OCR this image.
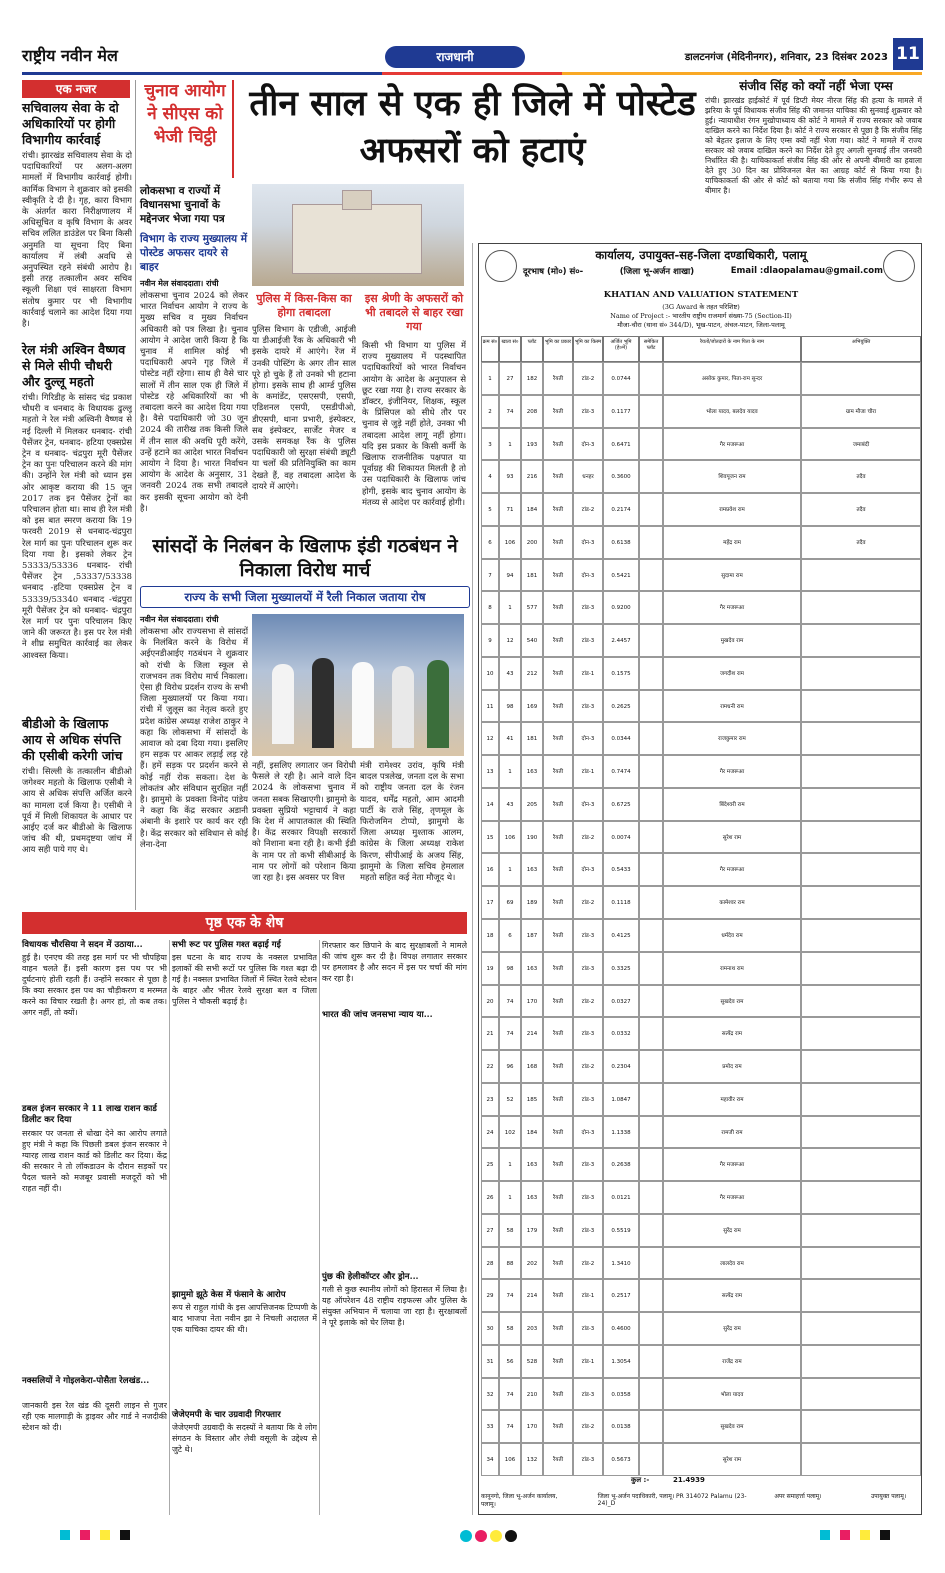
राष्ट्रीय नवीन मेल	राजधानी	डालटनगंज (मेदिनीनगर), शनिवार, 23 दिसंबर 2023 11
एक नजर
सचिवालय सेवा के दो अधिकारियों पर होगी विभागीय कार्रवाई
रांची। झारखंड सचिवालय सेवा के दो पदाधिकारियों पर अलग-अलग मामलों में विभागीय कार्रवाई होगी। कार्मिक विभाग ने शुक्रवार को इसकी स्वीकृति दे दी है। गृह, कारा विभाग के अंतर्गत कारा निरीक्षणालय में अधिसूचित व कृषि विभाग के अवर सचिव ललित डाउंडेल पर बिना किसी अनुमति या सूचना दिए बिना कार्यालय में लंबी अवधि से अनुपस्थित रहने संबंधी आरोप है। इसी तरह तत्कालीन अवर सचिव स्कूली शिक्षा एवं साक्षरता विभाग संतोष कुमार पर भी विभागीय कार्रवाई चलाने का आदेश दिया गया है।
रेल मंत्री अश्विन वैष्णव से मिले सीपी चौधरी और दुल्लू महतो
रांची। गिरिडीह के सांसद चंद्र प्रकाश चौधरी व धनबाद के विधायक ढुल्लू महतो ने रेल मंत्री अश्विनी वैष्णव से नई दिल्ली में मिलकर धनबाद- रांची पैसेंजर ट्रेन, धनबाद- हटिया एक्सप्रेस ट्रेन व धनबाद- चंद्रपुरा मूरी पैसेंजर ट्रेन का पुनः परिचालन करने की मांग की। उन्होंने रेल मंत्री को ध्यान इस ओर आकृष्ट कराया की 15 जून 2017 तक इन पैसेंजर ट्रेनों का परिचालन होता था। साथ ही रेल मंत्री को इस बात स्मरण कराया कि 19 फरवरी 2019 से धनबाद-चंद्रपुरा रेल मार्ग का पुनः परिचालन शुरू कर दिया गया है। इसको लेकर ट्रेन 53333/53336 धनबाद- रांची पैसेंजर ट्रेन ,53337/53338 धनबाद -हटिया एक्सप्रेस ट्रेन व 53339/53340 धनबाद -चंद्रपुरा मूरी पैसेंजर ट्रेन को धनबाद- चंद्रपुरा रेल मार्ग पर पुनः परिचालन किए जाने की जरूरत है। इस पर रेल मंत्री ने शीघ्र समुचित कार्रवाई का लेकर आश्वस्त किया।
बीडीओ के खिलाफ आय से अधिक संपत्ति की एसीबी करेगी जांच
रांची। सिल्ली के तत्कालीन बीडीओ जगेश्वर महतो के खिलाफ एसीबी ने आय से अधिक संपत्ति अर्जित करने का मामला दर्ज किया है। एसीबी ने पूर्व में मिली शिकायत के आधार पर आईए दर्ज कर बीडीओ के खिलाफ जांच की थी, प्रथमदृष्टया जांच में आय सही पाये गए थे।
चुनाव आयोग ने सीएस को भेजी चिट्ठी
तीन साल से एक ही जिले में पोस्टेड अफसरों को हटाएं
लोकसभा व राज्यों में विधानसभा चुनावों के मद्देनजर भेजा गया पत्र
विभाग के राज्य मुख्यालय में पोस्टेड अफसर दायरे से बाहर
नवीन मेल संवाददाता। रांची
लोकसभा चुनाव 2024 को लेकर भारत निर्वाचन आयोग ने राज्य के मुख्य सचिव व मुख्य निर्वाचन अधिकारी को पत्र लिखा है। चुनाव आयोग ने आदेश जारी किया है कि चुनाव में शामिल कोई भी पदाधिकारी अपने गृह जिले में पोस्टेड नहीं रहेगा। साथ ही वैसे चार सालों में तीन साल एक ही जिले में पोस्टेड रहे अधिकारियों का भी तबादला करने का आदेश दिया गया है। वैसे पदाधिकारी जो 30 जून 2024 की तारीख तक किसी जिले में तीन साल की अवधि पूरी करेंगे, उन्हें हटाने का आदेश भारत निर्वाचन आयोग ने दिया है। भारत निर्वाचन आयोग के आदेश के अनुसार, 31 जनवरी 2024 तक सभी तबादले कर इसकी सूचना आयोग को देनी है।
पुलिस में किस-किस का होगा तबादला
पुलिस विभाग के एडीजी, आईजी या डीआईजी रैंक के अधिकारी भी इसके दायरे में आएंगे। रेंज में उनकी पोस्टिंग के अगर तीन साल पूरे हो चुके हैं तो उनको भी हटाना होगा। इसके साथ ही आर्म्ड पुलिस के कमांडेंट, एसएसपी, एसपी, एडिशनल एसपी, एसडीपीओ, डीएसपी, थाना प्रभारी, इंस्पेक्टर, सब इंस्पेक्टर, सार्जेंट मेजर व उसके समकक्ष रैंक के पुलिस पदाधिकारी जो सुरक्षा संबंधी ड्यूटी या चलों की प्रतिनियुक्ति का काम देखते हैं, वह तबादला आदेश के दायरे में आएंगे।
सांसदों के निलंबन के खिलाफ इंडी गठबंधन ने निकाला विरोध मार्च
राज्य के सभी जिला मुख्यालयों में रैली निकाल जताया रोष
नवीन मेल संवाददाता। रांची
लोकसभा और राज्यसभा से सांसदों के निलंबित करने के विरोध में अईएनडीआईए गठबंधन ने शुक्रवार को रांची के जिला स्कूल से राजभवन तक विरोध मार्च निकाला। ऐसा ही विरोध प्रदर्शन राज्य के सभी जिला मुख्यालयों पर किया गया। रांची में जुलूस का नेतृत्व करते हुए प्रदेश कांग्रेस अध्यक्ष राजेश ठाकुर ने कहा कि लोकसभा में सांसदों के आवाज को दबा दिया गया। इसलिए हम सड़क पर आकर लड़ाई लड़ रहे हैं। हमें सड़क पर प्रदर्शन करने से कोई नहीं रोक सकता। देश के लोकतंत्र और संविधान सुरक्षित नहीं है। झामुमो के प्रवक्ता विनोद पांडेय ने कहा कि केंद्र सरकार अडानी अंबानी के इशारे पर कार्य कर रही है। केंद्र सरकार को संविधान से कोई लेना-देना
नहीं, इसलिए लगातार जन विरोधी फैसले ले रही है। आने वाले दिन 2024 के लोकसभा चुनाव में जनता सबक सिखाएगी। झामुमो के प्रवक्ता सुप्रियो भट्टाचार्य ने कहा कि देश में आपातकाल की स्थिति है। केंद्र सरकार विपक्षी सरकारों को निशाना बना रही है। कभी ईडी के नाम पर तो कभी सीबीआई के नाम पर लोगों को परेशान किया जा रहा है। इस अवसर पर वित्त
मंत्री रामेश्वर उरांव, कृषि मंत्री बादल पत्रलेख, जनता दल के सभा को राष्ट्रीय जनता दल के रंजन यादव, धर्मेंद्र महतो, आम आदमी पार्टी के राजे सिंह, तृणमूल के फिरोजमिन टोप्पो, झामुमो के जिला अध्यक्ष मुश्ताक आलम, कांग्रेस के जिला अध्यक्ष राकेश किरण, सीपीआई के अजय सिंह, झामुमो के जिला सचिव हेमलाल महतो सहित कई नेता मौजूद थे।
संजीव सिंह को क्यों नहीं भेजा एम्स
रांची। झारखंड हाईकोर्ट में पूर्व डिप्टी मेयर नीरज सिंह की हत्या के मामले में झरिया के पूर्व विधायक संजीव सिंह की जमानत याचिका की सुनवाई शुक्रवार को हुई। न्यायाधीश रंगन मुखोपाध्याय की कोर्ट ने मामले में राज्य सरकार को जवाब दाखिल करने का निर्देश दिया है। कोर्ट ने राज्य सरकार से पूछा है कि संजीव सिंह को बेहतर इलाज के लिए एम्स क्यों नहीं भेजा गया। कोर्ट ने मामले में राज्य सरकार को जवाब दाखिल करने का निर्देश देते हुए अगली सुनवाई तीन जनवरी निर्धारित की है। याचिकाकर्ता संजीव सिंह की ओर से अपनी बीमारी का हवाला देते हुए 30 दिन का प्रोविजनल बेल का आग्रह कोर्ट से किया गया है। याचिकाकर्ता की ओर से कोर्ट को बताया गया कि संजीव सिंह गंभीर रूप से बीमार है।
कार्यालय, उपायुक्त-सह-जिला दण्डाधिकारी, पलामू
दूरभाष (मो०) सं०-	(जिला भू-अर्जन शाखा)	Email :dlaopalamau@gmail.com
KHATIAN AND VALUATION STATEMENT
(3G Award के तहत परिशिष्ट)
Name of Project :- भारतीय राष्ट्रीय राजमार्ग संख्या-75 (Section-II)
मौजा-चौरा (थाना सं० 344/D), भूख-पाटन, अंचल-पाटन, जिला-पलामू
क्रम सं० खाता सं०	प्लॉट	भूमि का प्रकार भूमि का किस्म	अर्जित भूमि (हे०में)
समेकित प्लॉट
रैयतों/जोतदारों के नाम पिता के नाम	अभियुक्ति
1	27	182	रैयती	टांड-2	0.0744	असोक कुमार, पिता-राम सुन्दर
2	74	208	रैयती	टांड-3	0.1177	भोला यादव, बलदेव यादव	ग्राम मौजा चौरा
3	1	193	रैयती	दोन-3	0.6471	गैर मजरूआ	जमाबंदी
4	93	216	रैयती	धनहर	0.3600	शिवपूजन राम	तदैव
5	71	184	रैयती	टांड-2	0.2174	रामप्रवेश राम	तदैव
6	106	200	रैयती	दोन-3	0.6138	महेंद्र राम	तदैव
7	94	181	रैयती	दोन-3	0.5421	सुदामा राम
8	1	577	रैयती	टांड-3	0.9200	गैर मजरूआ
9	12	540	रैयती	टांड-3	2.4457	मुखदेव राम
10	43	212	रैयती	टांड-1	0.1575	जगदीश राम
11	98	169	रैयती	टांड-3	0.2625	रामधनी राम
12	41	181	रैयती	दोन-3	0.0344	राजकुमार राम
13	1	163	रैयती	टांड-1	0.7474	गैर मजरूआ
14	43	205	रैयती	दोन-3	0.6725	बिंदेश्वरी राम
15	106	190	रैयती	टांड-2	0.0074	सुरेश राम
16	1	163	रैयती	दोन-3	0.5433	गैर मजरूआ
17	69	189	रैयती	टांड-2	0.1118	कामेश्वर राम
18	6	187	रैयती	टांड-3	0.4125	धर्मदेव राम
19	98	163	रैयती	टांड-3	0.3325	रामनाथ राम
20	74	170	रैयती	टांड-2	0.0327	सुखदेव राम
21	74	214	रैयती	टांड-3	0.0332	सत्येंद्र राम
22	96	168	रैयती	टांड-2	0.2304	प्रमोद राम
23	52	185	रैयती	टांड-3	1.0847	महावीर राम
24	102	184	रैयती	दोन-3	1.1338	रामजी राम
25	1	163	रैयती	टांड-3	0.2638	गैर मजरूआ
26	1	163	रैयती	टांड-3	0.0121	गैर मजरूआ
27	58	179	रैयती	टांड-3	0.5519	सुरेंद्र राम
28	88	202	रैयती	टांड-2	1.3410	लालदेव राम
29	74	214	रैयती	टांड-1	0.2517	सत्येंद्र राम
30	58	203	रैयती	टांड-3	0.4600	सुरेंद्र राम
31	56	528	रैयती	टांड-1	1.3054	राजेंद्र राम
32	74	210	रैयती	टांड-3	0.0358	भोला यादव
33	74	170	रैयती	टांड-2	0.0138	सुखदेव राम
34	106	132	रैयती	टांड-3	0.5673	सुरेश राम
कुल :-	21.4939
कानूनगो, जिला भू-अर्जन कार्यालय, पलामू।
जिला भू-अर्जन पदाधिकारी, पलामू। PR 314072 Palamu (23-24)_D
अपर समाहर्त्ता पलामू।	उपायुक्त पलामू।
पृष्ठ एक के शेष
विधायक चौरसिया ने सदन में उठाया...
हुई है। एनएच की तरह इस मार्ग पर भी चौपहिया वाहन चलते हैं। इसी कारण इस पथ पर भी दुर्घटनाएं होती रहती हैं। उन्होंने सरकार से पूछा है कि क्या सरकार इस पथ का चौड़ीकरण व मरम्मत करने का विचार रखती है। अगर हां, तो कब तक। अगर नहीं, तो क्यों।
डबल इंजन सरकार ने 11 लाख राशन कार्ड डिलीट कर दिया
सरकार पर जनता से धोखा देने का आरोप लगाते हुए मंत्री ने कहा कि पिछली डबल इंजन सरकार ने ग्यारह लाख राशन कार्ड को डिलीट कर दिया। केंद्र की सरकार ने तो लॉकडाउन के दौरान सड़कों पर पैदल चलने को मजबूर प्रवासी मजदूरों को भी राहत नहीं दी।
नक्सलियों ने गोइलकेरा-पोसैता रेलखंड...
जानकारी इस रेल खंड की दूसरी लाइन से गुजर रही एक मालगाड़ी के ड्राइवर और गार्ड ने नजदीकी स्टेशन को दी।
सभी रूट पर पुलिस गश्त बढ़ाई गई
इस घटना के बाद राज्य के नक्सल प्रभावित इलाकों की सभी रूटों पर पुलिस कि गश्त बढ़ा दी गई है। नक्सल प्रभावित जिलों में स्थित रेलवे स्टेशन के बाहर और भीतर रेलवे सुरक्षा बल व जिला पुलिस ने चौकसी बढ़ाई है।
झामुमो झूठे केस में फंसाने के आरोप
रूप से राहुल गांधी के इस आपत्तिजनक टिप्पणी के बाद भाजपा नेता नवीन झा ने निचली अदालत में एक याचिका दायर की थी।
जेजेएमपी के चार उग्रवादी गिरफ्तार
जेजेएमपी उग्रवादी के सदस्यों ने बताया कि वे लोग संगठन के विस्तार और लेवी वसूली के उद्देश्य से जुटे थे।
भारत की जांच जनसभा न्याय या...
गिरफ्तार कर छिपाने के बाद सुरक्षाबलों ने मामले की जांच शुरू कर दी है। विपक्ष लगातार सरकार पर हमलावर है और सदन में इस पर चर्चा की मांग कर रहा है।
पुंछ की हेलीकॉप्टर और ड्रोन...
गली से कुछ स्थानीय लोगों को हिरासत में लिया है। यह ऑपरेशन 48 राष्ट्रीय राइफल्स और पुलिस के संयुक्त अभियान में चलाया जा रहा है। सुरक्षाबलों ने पूरे इलाके को घेर लिया है।
इस श्रेणी के अफसरों को भी तबादले से बाहर रखा गया
किसी भी विभाग या पुलिस में राज्य मुख्यालय में पदस्थापित पदाधिकारियों को भारत निर्वाचन आयोग के आदेश के अनुपालन से छूट रखा गया है। राज्य सरकार के डॉक्टर, इंजीनियर, शिक्षक, स्कूल के प्रिंसिपल को सीधे तौर पर चुनाव से जुड़े नहीं होते, उनका भी तबादला आदेश लागू नहीं होगा। यदि इस प्रकार के किसी कर्मी के खिलाफ राजनीतिक पक्षपात या पूर्वाग्रह की शिकायत मिलती है तो उस पदाधिकारी के खिलाफ जांच होगी, इसके बाद चुनाव आयोग के मंतव्य से आदेश पर कार्रवाई होगी।
